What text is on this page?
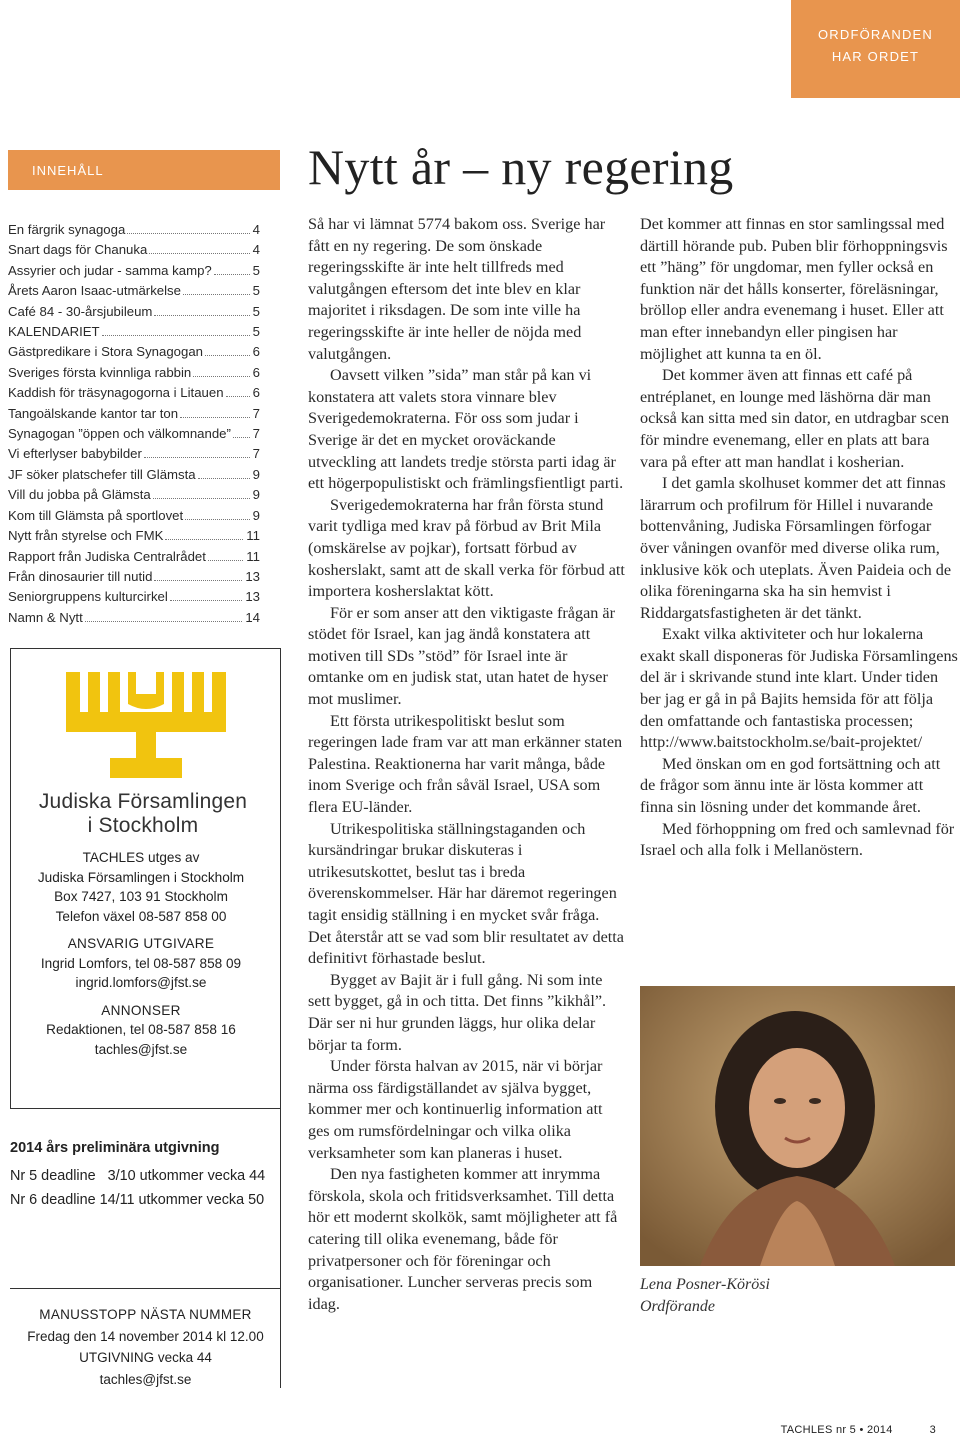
ORDFÖRANDEN
HAR ORDET
INNEHÅLL
En färgrik synagoga	4
Snart dags för Chanuka	4
Assyrier och judar - samma kamp?	5
Årets Aaron Isaac-utmärkelse	5
Café 84 - 30-årsjubileum	5
KALENDARIET	5
Gästpredikare i Stora Synagogan	6
Sveriges första kvinnliga rabbin	6
Kaddish för träsynagogorna i Litauen 6
Tangoälskande kantor tar ton	7
Synagogan ”öppen och välkomnande” 7
Vi efterlyser babybilder	7
JF söker platschefer till Glämsta	9
Vill du jobba på Glämsta	9
Kom till Glämsta på sportlovet	9
Nytt från styrelse och FMK	11
Rapport från Judiska Centralrådet	11
Från dinosaurier till nutid	13
Seniorgruppens kulturcirkel	13
Namn & Nytt	14
Judiska Församlingen
i Stockholm
TACHLES utges av
Judiska Församlingen i Stockholm
Box 7427, 103 91 Stockholm
Telefon växel 08-587 858 00
ANSVARIG UTGIVARE
Ingrid Lomfors, tel 08-587 858 09
ingrid.lomfors@jfst.se
ANNONSER
Redaktionen, tel 08-587 858 16
tachles@jfst.se
2014 års preliminära utgivning
Nr 5 deadline   3/10 utkommer vecka 44
Nr 6 deadline 14/11 utkommer vecka 50
MANUSSTOPP NÄSTA NUMMER
Fredag den 14 november 2014 kl 12.00
UTGIVNING vecka 44
tachles@jfst.se
Nytt år – ny regering

Så har vi lämnat 5774 bakom oss. Sverige har fått en ny regering. De som önskade regeringsskifte är inte helt tillfreds med valutgången eftersom det inte blev en klar majoritet i riksdagen. De som inte ville ha regeringsskifte är inte heller de nöjda med valutgången.

Oavsett vilken ”sida” man står på kan vi konstatera att valets stora vinnare blev Sverigedemokraterna. För oss som judar i Sverige är det en mycket oroväckande utveckling att landets tredje största parti idag är ett högerpopulistiskt och främlingsfientligt parti.

Sverigedemokraterna har från första stund varit tydliga med krav på förbud av Brit Mila (omskärelse av pojkar), fortsatt förbud av kosherslakt, samt att de skall verka för förbud att importera kosherslaktat kött.

För er som anser att den viktigaste frågan är stödet för Israel, kan jag ändå konstatera att motiven till SDs ”stöd” för Israel inte är omtanke om en judisk stat, utan hatet de hyser mot muslimer.

Ett första utrikespolitiskt beslut som regeringen lade fram var att man erkänner staten Palestina. Reaktionerna har varit många, både inom Sverige och från såväl Israel, USA som flera EU-länder.

Utrikespolitiska ställningstaganden och kursändringar brukar diskuteras i utrikesutskottet, beslut tas i breda överenskommelser. Här har däremot regeringen tagit ensidig ställning i en mycket svår fråga. Det återstår att se vad som blir resultatet av detta definitivt förhastade beslut.

Bygget av Bajit är i full gång. Ni som inte sett bygget, gå in och titta. Det finns ”kikhål”. Där ser ni hur grunden läggs, hur olika delar börjar ta form.

Under första halvan av 2015, när vi börjar närma oss färdigställandet av själva bygget, kommer mer och kontinuerlig information att ges om rumsfördelningar och vilka olika verksamheter som kan planeras i huset.

Den nya fastigheten kommer att inrymma förskola, skola och fritidsverksamhet. Till detta hör ett modernt skolkök, samt möjligheter att få catering till olika evenemang, både för privatpersoner och för föreningar och organisationer. Luncher serveras precis som idag.

Det kommer att finnas en stor samlingssal med därtill hörande pub. Puben blir förhoppningsvis ett ”häng” för ungdomar, men fyller också en funktion när det hålls konserter, föreläsningar, bröllop eller andra evenemang i huset. Eller att man efter innebandyn eller pingisen har möjlighet att kunna ta en öl.

Det kommer även att finnas ett café på entréplanet, en lounge med läshörna där man också kan sitta med sin dator, en utdragbar scen för mindre evenemang, eller en plats att bara vara på efter att man handlat i kosherian.

I det gamla skolhuset kommer det att finnas lärarrum och profilrum för Hillel i nuvarande bottenvåning, Judiska Församlingen förfogar över våningen ovanför med diverse olika rum, inklusive kök och uteplats. Även Paideia och de olika föreningarna ska ha sin hemvist i Riddargatsfastigheten är det tänkt.

Exakt vilka aktiviteter och hur lokalerna exakt skall disponeras för Judiska Församlingens del är i skrivande stund inte klart. Under tiden ber jag er gå in på Bajits hemsida för att följa den omfattande och fantastiska processen; http://www.baitstockholm.se/bait-projektet/

Med önskan om en god fortsättning och att de frågor som ännu inte är lösta kommer att finna sin lösning under det kommande året.

Med förhoppning om fred och samlevnad för Israel och alla folk i Mellanöstern.

Lena Posner-Körösi
Ordförande
TACHLES nr 5 • 2014	3
